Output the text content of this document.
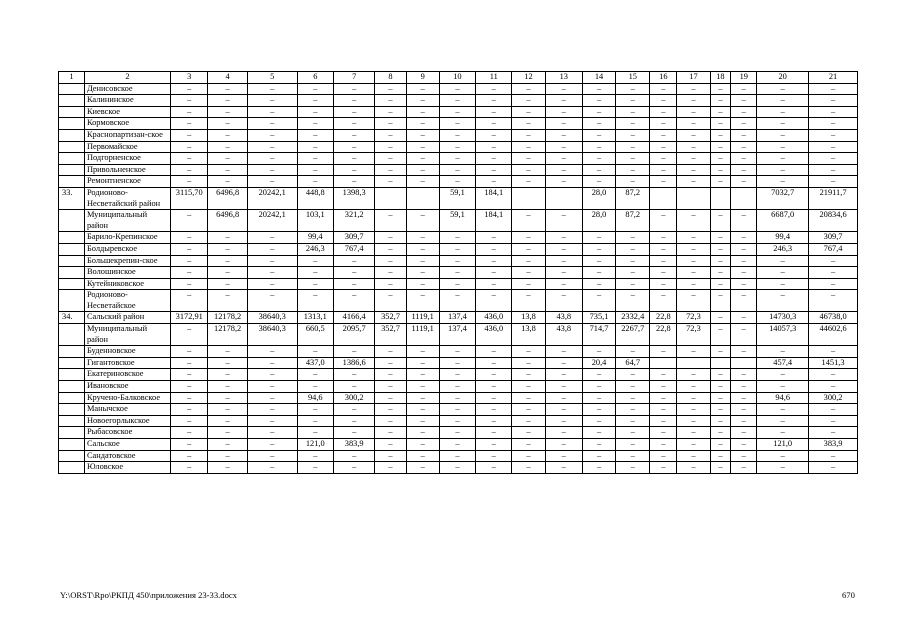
1	2	3	4	5	6	7	8	9	10	11	12	13	14	15	16	17	18	19	20	21
	Денисовское	–	–	–	–	–	–	–	–	–	–	–	–	–	–	–	–	–	–	–
	Калининское	–	–	–	–	–	–	–	–	–	–	–	–	–	–	–	–	–	–	–
	Киевское	–	–	–	–	–	–	–	–	–	–	–	–	–	–	–	–	–	–	–
	Кормовское	–	–	–	–	–	–	–	–	–	–	–	–	–	–	–	–	–	–	–
	Краснопартизан-ское	–	–	–	–	–	–	–	–	–	–	–	–	–	–	–	–	–	–	–
	Первомайское	–	–	–	–	–	–	–	–	–	–	–	–	–	–	–	–	–	–	–
	Подгорненское	–	–	–	–	–	–	–	–	–	–	–	–	–	–	–	–	–	–	–
	Привольненское	–	–	–	–	–	–	–	–	–	–	–	–	–	–	–	–	–	–	–
	Ремонтненское	–	–	–	–	–	–	–	–	–	–	–	–	–	–	–	–	–	–	–
33.	Родионово-Несветайский район	3115,70	6496,8	20242,1	448,8	1398,3			59,1	184,1			28,0	87,2					7032,7	21911,7
	Муниципальный район	–	6496,8	20242,1	103,1	321,2	–	–	59,1	184,1	–	–	28,0	87,2	–	–	–	–	6687,0	20834,6
	Барило-Крепинское	–	–	–	99,4	309,7	–	–	–	–	–	–	–	–	–	–	–	–	99,4	309,7
	Болдыревское	–	–	–	246,3	767,4	–	–	–	–	–	–	–	–	–	–	–	–	246,3	767,4
	Большекрепин-ское	–	–	–	–	–	–	–	–	–	–	–	–	–	–	–	–	–	–	–
	Волошинское	–	–	–	–	–	–	–	–	–	–	–	–	–	–	–	–	–	–	–
	Кутейниковское	–	–	–	–	–	–	–	–	–	–	–	–	–	–	–	–	–	–	–
	Родионово-Несветайское	–	–	–	–	–	–	–	–	–	–	–	–	–	–	–	–	–	–	–
34.	Сальский район	3172,91	12178,2	38640,3	1313,1	4166,4	352,7	1119,1	137,4	436,0	13,8	43,8	735,1	2332,4	22,8	72,3	–	–	14730,3	46738,0
	Муниципальный район	–	12178,2	38640,3	660,5	2095,7	352,7	1119,1	137,4	436,0	13,8	43,8	714,7	2267,7	22,8	72,3	–	–	14057,3	44602,6
	Буденновское	–	–	–	–	–	–	–	–	–	–	–	–	–	–	–	–	–	–	–
	Гигантовское	–	–	–	437,0	1386,6	–	–	–	–	–	–	20,4	64,7					457,4	1451,3
	Екатериновское	–	–	–	–	–	–	–	–	–	–	–	–	–	–	–	–	–	–	–
	Ивановское	–	–	–	–	–	–	–	–	–	–	–	–	–	–	–	–	–	–	–
	Кручено-Балковское	–	–	–	94,6	300,2	–	–	–	–	–	–	–	–	–	–	–	–	94,6	300,2
	Манычское	–	–	–	–	–	–	–	–	–	–	–	–	–	–	–	–	–	–	–
	Новоегорлыкское	–	–	–	–	–	–	–	–	–	–	–	–	–	–	–	–	–	–	–
	Рыбасовское	–	–	–	–	–	–	–	–	–	–	–	–	–	–	–	–	–	–	–
	Сальское	–	–	–	121,0	383,9	–	–	–	–	–	–	–	–	–	–	–	–	121,0	383,9
	Сандатовское	–	–	–	–	–	–	–	–	–	–	–	–	–	–	–	–	–	–	–
	Юловское	–	–	–	–	–	–	–	–	–	–	–	–	–	–	–	–	–	–	–
Y:\ORST\Rpo\РКПД 450\приложения 23-33.docx	670
